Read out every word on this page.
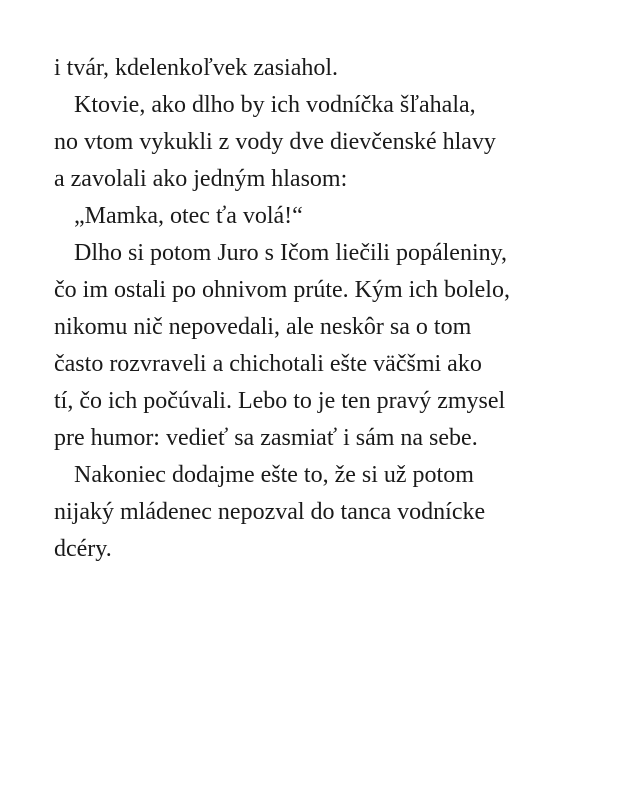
i tvár, kdelenkoľvek zasiahol.
Ktovie, ako dlho by ich vodníčka šľahala,
no vtom vykukli z vody dve dievčenské hlavy
a zavolali ako jedným hlasom:
„Mamka, otec ťa volá!“
Dlho si potom Juro s Ičom liečili popáleniny,
čo im ostali po ohnivom prúte. Kým ich bolelo,
nikomu nič nepovedali, ale neskôr sa o tom
často rozvraveli a chichotali ešte väčšmi ako
tí, čo ich počúvali. Lebo to je ten pravý zmysel
pre humor: vedieť sa zasmiať i sám na sebe.
Nakoniec dodajme ešte to, že si už potom
nijaký mládenec nepozval do tanca vodnícke
dcéry.
